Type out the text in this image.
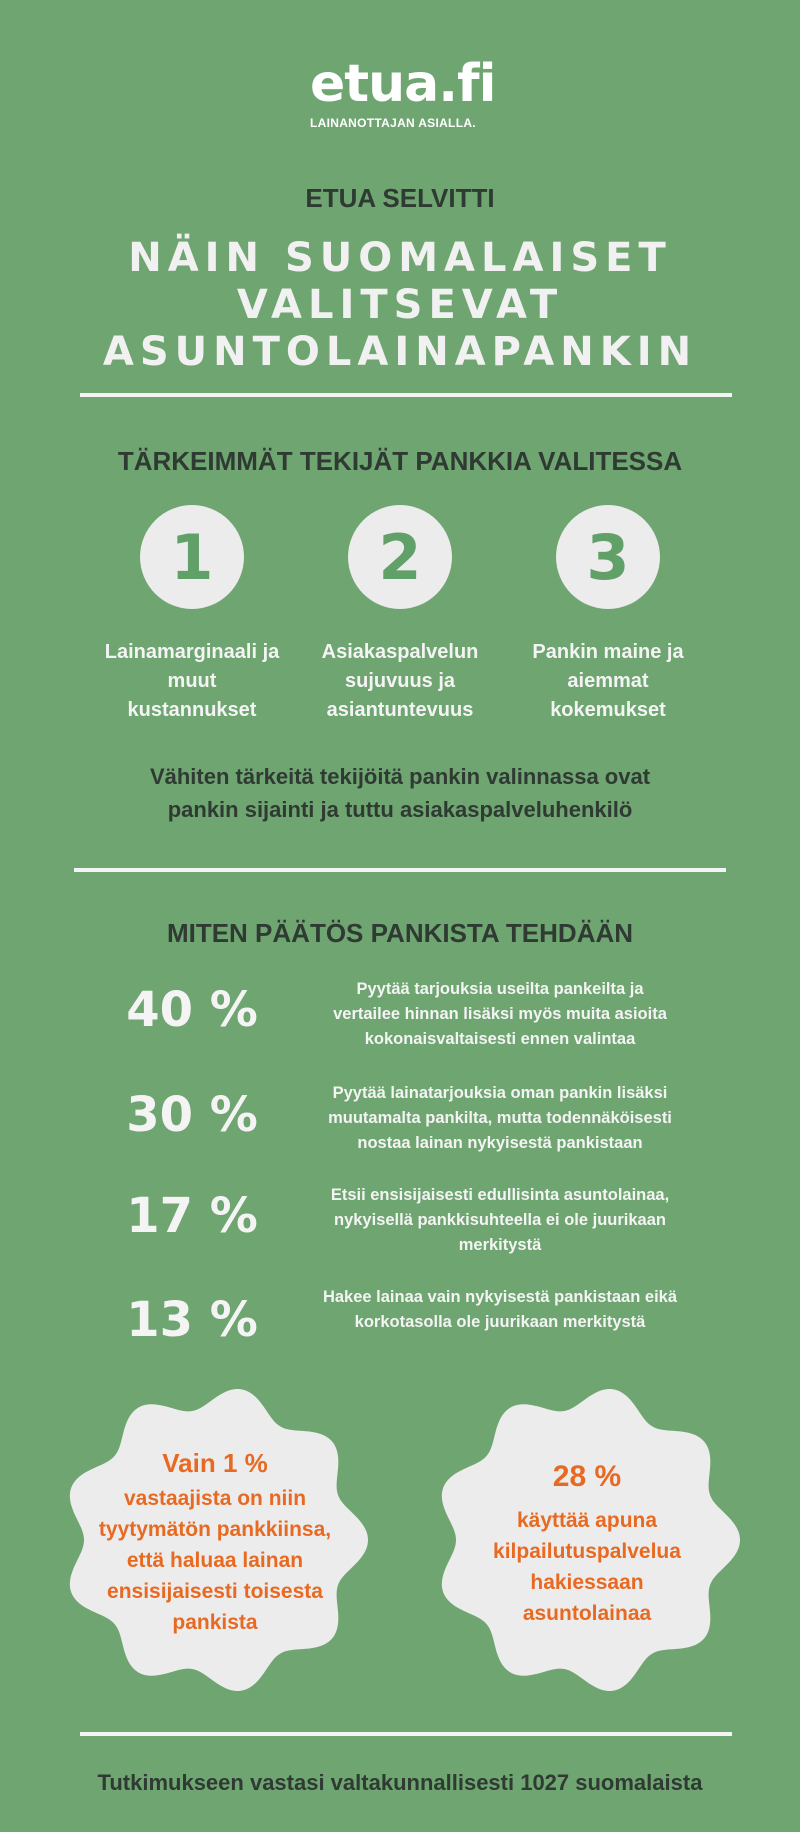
etua.fi
LAINANOTTAJAN ASIALLA.
ETUA SELVITTI
NÄIN SUOMALAISET
VALITSEVAT
ASUNTOLAINAPANKIN
TÄRKEIMMÄT TEKIJÄT PANKKIA VALITESSA
1	2	3
Lainamarginaali ja
muut
kustannukset
Asiakaspalvelun
sujuvuus ja
asiantuntevuus
Pankin maine ja
aiemmat
kokemukset
Vähiten tärkeitä tekijöitä pankin valinnassa ovat
pankin sijainti ja tuttu asiakaspalveluhenkilö
MITEN PÄÄTÖS PANKISTA TEHDÄÄN
40 %	Pyytää tarjouksia useilta pankeilta ja
vertailee hinnan lisäksi myös muita asioita
kokonaisvaltaisesti ennen valintaa
30 %	Pyytää lainatarjouksia oman pankin lisäksi
muutamalta pankilta, mutta todennäköisesti
nostaa lainan nykyisestä pankistaan
17 %	Etsii ensisijaisesti edullisinta asuntolainaa,
nykyisellä pankkisuhteella ei ole juurikaan
merkitystä
13 %	Hakee lainaa vain nykyisestä pankistaan eikä
korkotasolla ole juurikaan merkitystä
Vain 1 %
vastaajista on niin
tyytymätön pankkiinsa,
että haluaa lainan
ensisijaisesti toisesta
pankista
28 %
käyttää apuna
kilpailutuspalvelua
hakiessaan
asuntolainaa
Tutkimukseen vastasi valtakunnallisesti 1027 suomalaista
